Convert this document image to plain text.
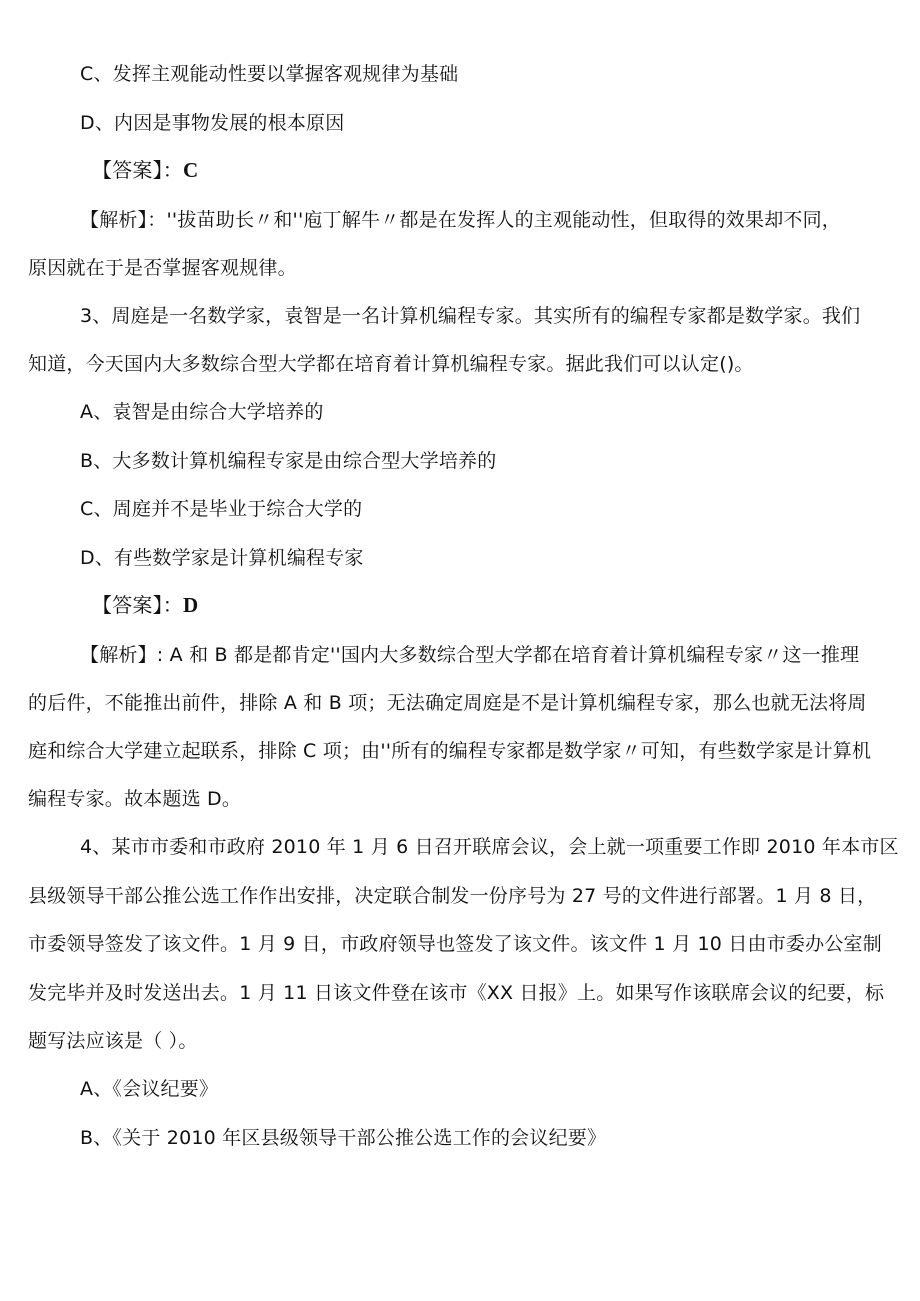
C、发挥主观能动性要以掌握客观规律为基础
D、内因是事物发展的根本原因
【答案】：C
【解析】：''拔苗助长〃和''庖丁解牛〃都是在发挥人的主观能动性，但取得的效果却不同，
原因就在于是否掌握客观规律。
3、周庭是一名数学家，袁智是一名计算机编程专家。其实所有的编程专家都是数学家。我们
知道，今天国内大多数综合型大学都在培育着计算机编程专家。据此我们可以认定()。
A、袁智是由综合大学培养的
B、大多数计算机编程专家是由综合型大学培养的
C、周庭并不是毕业于综合大学的
D、有些数学家是计算机编程专家
【答案】：D
【解析】: A 和 B 都是都肯定''国内大多数综合型大学都在培育着计算机编程专家〃这一推理
的后件，不能推出前件，排除 A 和 B 项；无法确定周庭是不是计算机编程专家，那么也就无法将周
庭和综合大学建立起联系，排除 C 项；由''所有的编程专家都是数学家〃可知，有些数学家是计算机
编程专家。故本题选 D。
4、某市市委和市政府 2010 年 1 月 6 日召开联席会议，会上就一项重要工作即 2010 年本市区
县级领导干部公推公选工作作出安排，决定联合制发一份序号为 27 号的文件进行部署。1 月 8 日，
市委领导签发了该文件。1 月 9 日，市政府领导也签发了该文件。该文件 1 月 10 日由市委办公室制
发完毕并及时发送出去。1 月 11 日该文件登在该市《XX 日报》上。如果写作该联席会议的纪要，标
题写法应该是（ ）。
A、《会议纪要》
B、《关于 2010 年区县级领导干部公推公选工作的会议纪要》
